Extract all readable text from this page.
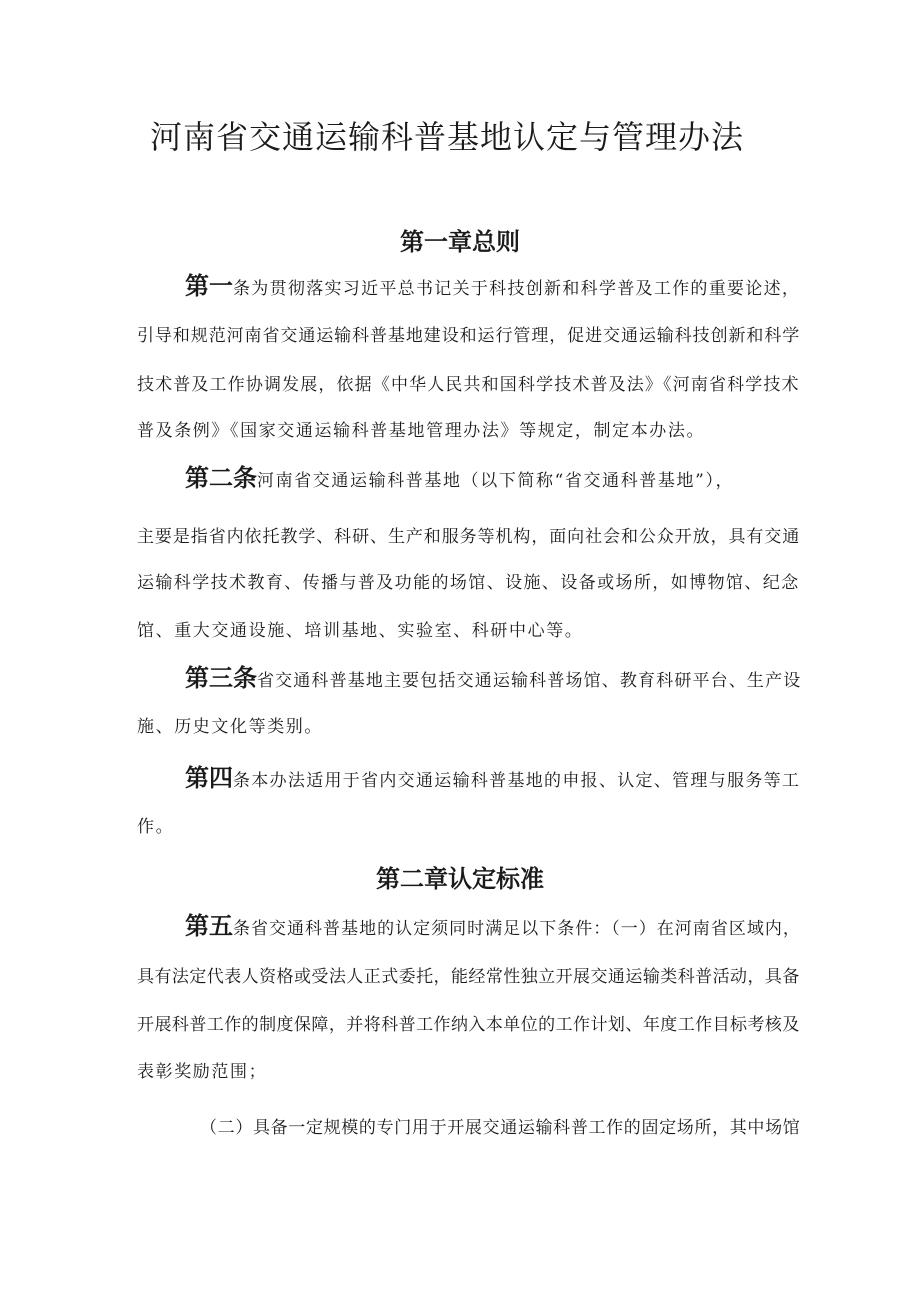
河南省交通运输科普基地认定与管理办法
第一章总则
第一条为贯彻落实习近平总书记关于科技创新和科学普及工作的重要论述，
引导和规范河南省交通运输科普基地建设和运行管理，促进交通运输科技创新和科学
技术普及工作协调发展，依据《中华人民共和国科学技术普及法》《河南省科学技术
普及条例》《国家交通运输科普基地管理办法》等规定，制定本办法。
第二条河南省交通运输科普基地（以下简称“省交通科普基地”），
主要是指省内依托教学、科研、生产和服务等机构，面向社会和公众开放，具有交通
运输科学技术教育、传播与普及功能的场馆、设施、设备或场所，如博物馆、纪念
馆、重大交通设施、培训基地、实验室、科研中心等。
第三条省交通科普基地主要包括交通运输科普场馆、教育科研平台、生产设
施、历史文化等类别。
第四条本办法适用于省内交通运输科普基地的申报、认定、管理与服务等工
作。
第二章认定标准
第五条省交通科普基地的认定须同时满足以下条件：（一）在河南省区域内，
具有法定代表人资格或受法人正式委托，能经常性独立开展交通运输类科普活动，具备
开展科普工作的制度保障，并将科普工作纳入本单位的工作计划、年度工作目标考核及
表彰奖励范围；
（二）具备一定规模的专门用于开展交通运输科普工作的固定场所，其中场馆
